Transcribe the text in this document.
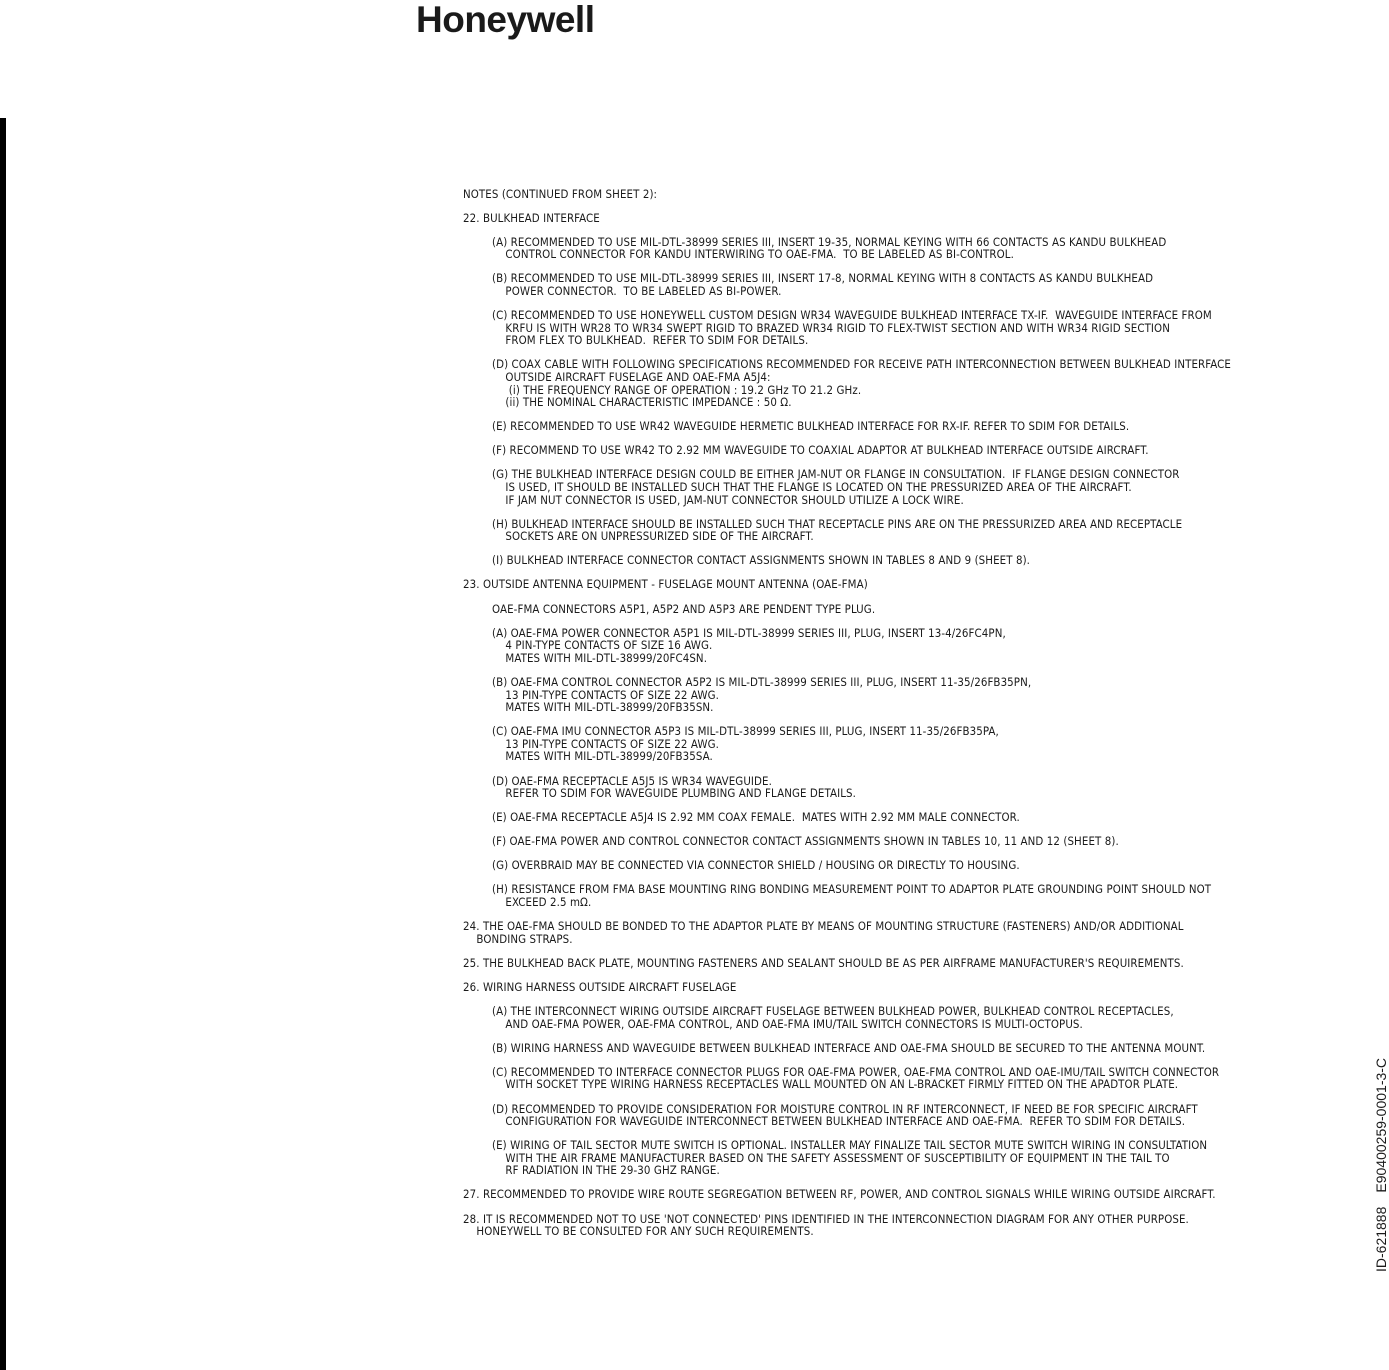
Honeywell
ID-621888E90400259-0001-3-C

NOTES (CONTINUED FROM SHEET 2):

22. BULKHEAD INTERFACE

(A) RECOMMENDED TO USE MIL-DTL-38999 SERIES III, INSERT 19-35, NORMAL KEYING WITH 66 CONTACTS AS KANDU BULKHEAD
CONTROL CONNECTOR FOR KANDU INTERWIRING TO OAE-FMA.  TO BE LABELED AS BI-CONTROL.

(B) RECOMMENDED TO USE MIL-DTL-38999 SERIES III, INSERT 17-8, NORMAL KEYING WITH 8 CONTACTS AS KANDU BULKHEAD
POWER CONNECTOR.  TO BE LABELED AS BI-POWER.

(C) RECOMMENDED TO USE HONEYWELL CUSTOM DESIGN WR34 WAVEGUIDE BULKHEAD INTERFACE TX-IF.  WAVEGUIDE INTERFACE FROM
KRFU IS WITH WR28 TO WR34 SWEPT RIGID TO BRAZED WR34 RIGID TO FLEX-TWIST SECTION AND WITH WR34 RIGID SECTION
FROM FLEX TO BULKHEAD.  REFER TO SDIM FOR DETAILS.

(D) COAX CABLE WITH FOLLOWING SPECIFICATIONS RECOMMENDED FOR RECEIVE PATH INTERCONNECTION BETWEEN BULKHEAD INTERFACE
OUTSIDE AIRCRAFT FUSELAGE AND OAE-FMA A5J4:
(i) THE FREQUENCY RANGE OF OPERATION : 19.2 GHz TO 21.2 GHz.
(ii) THE NOMINAL CHARACTERISTIC IMPEDANCE : 50 Ω.

(E) RECOMMENDED TO USE WR42 WAVEGUIDE HERMETIC BULKHEAD INTERFACE FOR RX-IF. REFER TO SDIM FOR DETAILS.

(F) RECOMMEND TO USE WR42 TO 2.92 MM WAVEGUIDE TO COAXIAL ADAPTOR AT BULKHEAD INTERFACE OUTSIDE AIRCRAFT.

(G) THE BULKHEAD INTERFACE DESIGN COULD BE EITHER JAM-NUT OR FLANGE IN CONSULTATION.  IF FLANGE DESIGN CONNECTOR
IS USED, IT SHOULD BE INSTALLED SUCH THAT THE FLANGE IS LOCATED ON THE PRESSURIZED AREA OF THE AIRCRAFT.
IF JAM NUT CONNECTOR IS USED, JAM-NUT CONNECTOR SHOULD UTILIZE A LOCK WIRE.

(H) BULKHEAD INTERFACE SHOULD BE INSTALLED SUCH THAT RECEPTACLE PINS ARE ON THE PRESSURIZED AREA AND RECEPTACLE
SOCKETS ARE ON UNPRESSURIZED SIDE OF THE AIRCRAFT.

(I) BULKHEAD INTERFACE CONNECTOR CONTACT ASSIGNMENTS SHOWN IN TABLES 8 AND 9 (SHEET 8).

23. OUTSIDE ANTENNA EQUIPMENT - FUSELAGE MOUNT ANTENNA (OAE-FMA)

OAE-FMA CONNECTORS A5P1, A5P2 AND A5P3 ARE PENDENT TYPE PLUG.

(A) OAE-FMA POWER CONNECTOR A5P1 IS MIL-DTL-38999 SERIES III, PLUG, INSERT 13-4/26FC4PN,
4 PIN-TYPE CONTACTS OF SIZE 16 AWG.
MATES WITH MIL-DTL-38999/20FC4SN.

(B) OAE-FMA CONTROL CONNECTOR A5P2 IS MIL-DTL-38999 SERIES III, PLUG, INSERT 11-35/26FB35PN,
13 PIN-TYPE CONTACTS OF SIZE 22 AWG.
MATES WITH MIL-DTL-38999/20FB35SN.

(C) OAE-FMA IMU CONNECTOR A5P3 IS MIL-DTL-38999 SERIES III, PLUG, INSERT 11-35/26FB35PA,
13 PIN-TYPE CONTACTS OF SIZE 22 AWG.
MATES WITH MIL-DTL-38999/20FB35SA.

(D) OAE-FMA RECEPTACLE A5J5 IS WR34 WAVEGUIDE.
REFER TO SDIM FOR WAVEGUIDE PLUMBING AND FLANGE DETAILS.

(E) OAE-FMA RECEPTACLE A5J4 IS 2.92 MM COAX FEMALE.  MATES WITH 2.92 MM MALE CONNECTOR.

(F) OAE-FMA POWER AND CONTROL CONNECTOR CONTACT ASSIGNMENTS SHOWN IN TABLES 10, 11 AND 12 (SHEET 8).

(G) OVERBRAID MAY BE CONNECTED VIA CONNECTOR SHIELD / HOUSING OR DIRECTLY TO HOUSING.

(H) RESISTANCE FROM FMA BASE MOUNTING RING BONDING MEASUREMENT POINT TO ADAPTOR PLATE GROUNDING POINT SHOULD NOT
EXCEED 2.5 mΩ.

24. THE OAE-FMA SHOULD BE BONDED TO THE ADAPTOR PLATE BY MEANS OF MOUNTING STRUCTURE (FASTENERS) AND/OR ADDITIONAL
BONDING STRAPS.

25. THE BULKHEAD BACK PLATE, MOUNTING FASTENERS AND SEALANT SHOULD BE AS PER AIRFRAME MANUFACTURER'S REQUIREMENTS.

26. WIRING HARNESS OUTSIDE AIRCRAFT FUSELAGE

(A) THE INTERCONNECT WIRING OUTSIDE AIRCRAFT FUSELAGE BETWEEN BULKHEAD POWER, BULKHEAD CONTROL RECEPTACLES,
AND OAE-FMA POWER, OAE-FMA CONTROL, AND OAE-FMA IMU/TAIL SWITCH CONNECTORS IS MULTI-OCTOPUS.

(B) WIRING HARNESS AND WAVEGUIDE BETWEEN BULKHEAD INTERFACE AND OAE-FMA SHOULD BE SECURED TO THE ANTENNA MOUNT.

(C) RECOMMENDED TO INTERFACE CONNECTOR PLUGS FOR OAE-FMA POWER, OAE-FMA CONTROL AND OAE-IMU/TAIL SWITCH CONNECTOR
WITH SOCKET TYPE WIRING HARNESS RECEPTACLES WALL MOUNTED ON AN L-BRACKET FIRMLY FITTED ON THE APADTOR PLATE.

(D) RECOMMENDED TO PROVIDE CONSIDERATION FOR MOISTURE CONTROL IN RF INTERCONNECT, IF NEED BE FOR SPECIFIC AIRCRAFT
CONFIGURATION FOR WAVEGUIDE INTERCONNECT BETWEEN BULKHEAD INTERFACE AND OAE-FMA.  REFER TO SDIM FOR DETAILS.

(E) WIRING OF TAIL SECTOR MUTE SWITCH IS OPTIONAL. INSTALLER MAY FINALIZE TAIL SECTOR MUTE SWITCH WIRING IN CONSULTATION
WITH THE AIR FRAME MANUFACTURER BASED ON THE SAFETY ASSESSMENT OF SUSCEPTIBILITY OF EQUIPMENT IN THE TAIL TO
RF RADIATION IN THE 29-30 GHZ RANGE.

27. RECOMMENDED TO PROVIDE WIRE ROUTE SEGREGATION BETWEEN RF, POWER, AND CONTROL SIGNALS WHILE WIRING OUTSIDE AIRCRAFT.

28. IT IS RECOMMENDED NOT TO USE 'NOT CONNECTED' PINS IDENTIFIED IN THE INTERCONNECTION DIAGRAM FOR ANY OTHER PURPOSE.
HONEYWELL TO BE CONSULTED FOR ANY SUCH REQUIREMENTS.
